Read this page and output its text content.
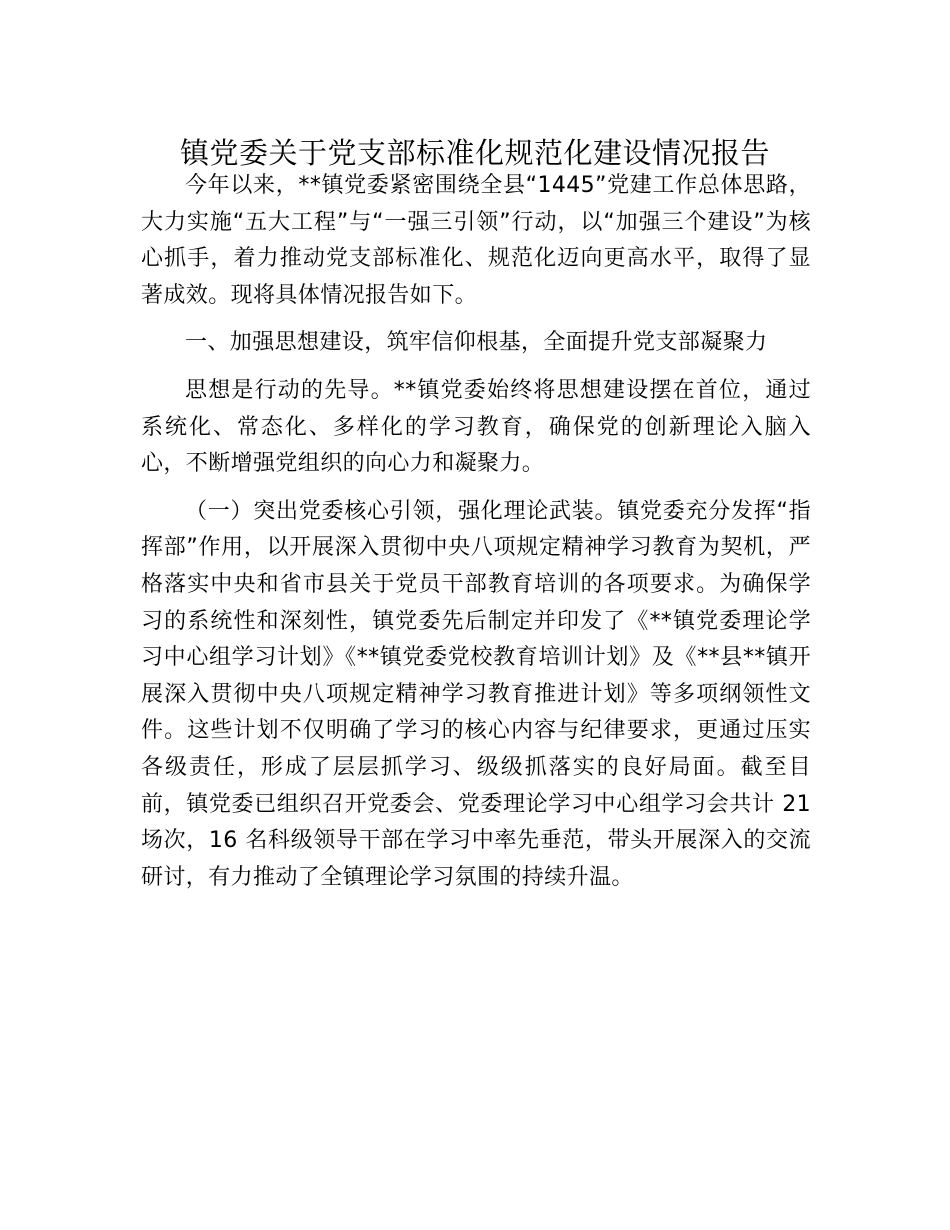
镇党委关于党支部标准化规范化建设情况报告

今年以来，**镇党委紧密围绕全县“1445”党建工作总体思路，大力实施“五大工程”与“一强三引领”行动，以“加强三个建设”为核心抓手，着力推动党支部标准化、规范化迈向更高水平，取得了显著成效。现将具体情况报告如下。

一、加强思想建设，筑牢信仰根基，全面提升党支部凝聚力

思想是行动的先导。**镇党委始终将思想建设摆在首位，通过系统化、常态化、多样化的学习教育，确保党的创新理论入脑入心，不断增强党组织的向心力和凝聚力。

（一）突出党委核心引领，强化理论武装。镇党委充分发挥“指挥部”作用，以开展深入贯彻中央八项规定精神学习教育为契机，严格落实中央和省市县关于党员干部教育培训的各项要求。为确保学习的系统性和深刻性，镇党委先后制定并印发了《**镇党委理论学习中心组学习计划》《**镇党委党校教育培训计划》及《**县**镇开展深入贯彻中央八项规定精神学习教育推进计划》等多项纲领性文件。这些计划不仅明确了学习的核心内容与纪律要求，更通过压实各级责任，形成了层层抓学习、级级抓落实的良好局面。截至目前，镇党委已组织召开党委会、党委理论学习中心组学习会共计 21 场次，16 名科级领导干部在学习中率先垂范，带头开展深入的交流研讨，有力推动了全镇理论学习氛围的持续升温。
